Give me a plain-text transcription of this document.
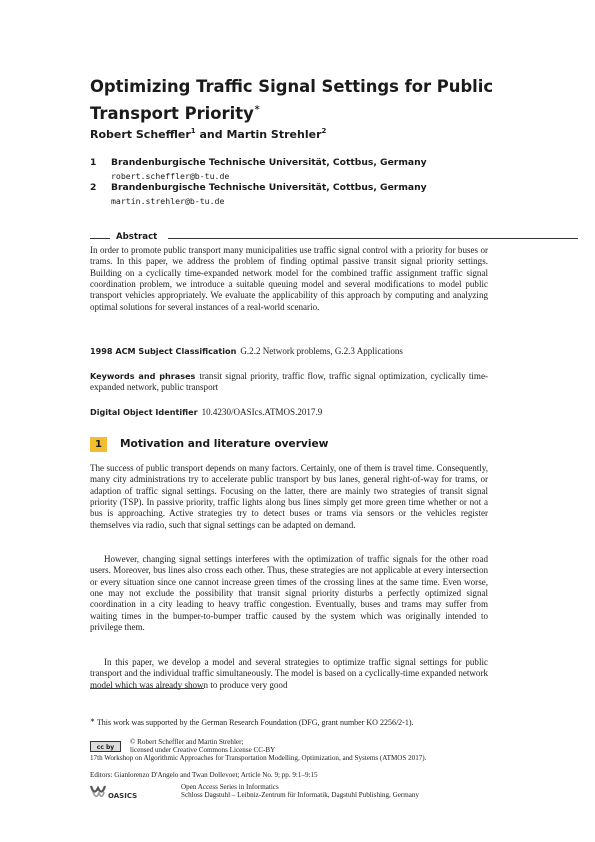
Optimizing Traffic Signal Settings for Public Transport Priority∗
Robert Scheffler$^1$ and Martin Strehler$^2$
1 Brandenburgische Technische Universität, Cottbus, Germany
robert.scheffler@b-tu.de
2 Brandenburgische Technische Universität, Cottbus, Germany
martin.strehler@b-tu.de
Abstract

In order to promote public transport many municipalities use traffic signal control with a priority for buses or trams. In this paper, we address the problem of finding optimal passive transit signal priority settings. Building on a cyclically time-expanded network model for the combined traffic assignment traffic signal coordination problem, we introduce a suitable queuing model and several modifications to model public transport vehicles appropriately. We evaluate the applicability of this approach by computing and analyzing optimal solutions for several instances of a real-world scenario.

1998 ACM Subject Classification G.2.2 Network problems, G.2.3 Applications

Keywords and phrases transit signal priority, traffic flow, traffic signal optimization, cyclically time-expanded network, public transport

Digital Object Identifier 10.4230/OASIcs.ATMOS.2017.9

1	Motivation and literature overview

The success of public transport depends on many factors. Certainly, one of them is travel time. Consequently, many city administrations try to accelerate public transport by bus lanes, general right-of-way for trams, or adaption of traffic signal settings. Focusing on the latter, there are mainly two strategies of transit signal priority (TSP). In passive priority, traffic lights along bus lines simply get more green time whether or not a bus is approaching. Active strategies try to detect buses or trams via sensors or the vehicles register themselves via radio, such that signal settings can be adapted on demand.

However, changing signal settings interferes with the optimization of traffic signals for the other road users. Moreover, bus lines also cross each other. Thus, these strategies are not applicable at every intersection or every situation since one cannot increase green times of the crossing lines at the same time. Even worse, one may not exclude the possibility that transit signal priority disturbs a perfectly optimized signal coordination in a city leading to heavy traffic congestion. Eventually, buses and trams may suffer from waiting times in the bumper-to-bumper traffic caused by the system which was originally intended to privilege them.

In this paper, we develop a model and several strategies to optimize traffic signal settings for public transport and the individual traffic simultaneously. The model is based on a cyclically-time expanded network model which was already shown to produce very good

∗ This work was supported by the German Research Foundation (DFG, grant number KO 2256/2-1).

cc by

© Robert Scheffler and Martin Strehler;
licensed under Creative Commons License CC-BY

17th Workshop on Algorithmic Approaches for Transportation Modelling, Optimization, and Systems (ATMOS 2017).

Editors: Gianlorenzo D'Angelo and Twan Dollevoet; Article No. 9; pp. 9:1–9:15

OASICS

Open Access Series in Informatics
Schloss Dagstuhl – Leibniz-Zentrum für Informatik, Dagstuhl Publishing, Germany
